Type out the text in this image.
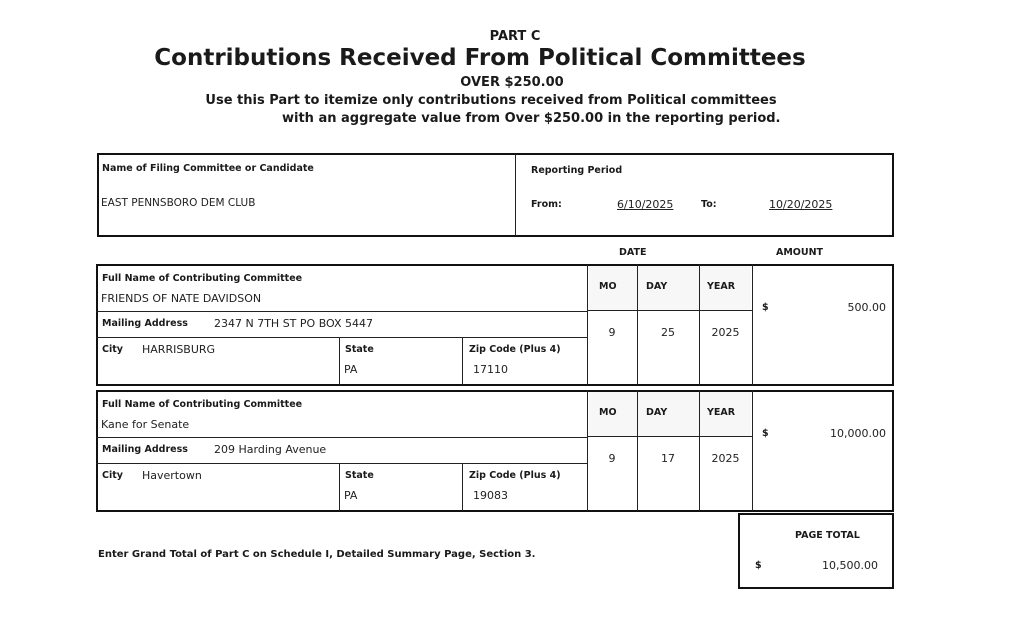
PART C
Contributions Received From Political Committees
OVER $250.00
Use this Part to itemize only contributions received from Political committees
with an aggregate value from Over $250.00 in the reporting period.
Name of Filing Committee or Candidate
EAST PENNSBORO DEM CLUB
Reporting Period
From:	6/10/2025	To:	10/20/2025
DATE	AMOUNT
Full Name of Contributing Committee
FRIENDS OF NATE DAVIDSON
Mailing Address 2347 N 7TH ST PO BOX 5447
City HARRISBURG	State
PA
Zip Code (Plus 4)
17110
MO	DAY	YEAR
9	25	2025
$	500.00
Full Name of Contributing Committee
Kane for Senate
Mailing Address 209 Harding Avenue
City Havertown	State
PA
Zip Code (Plus 4)
19083
MO	DAY	YEAR
9	17	2025
$	10,000.00
Enter Grand Total of Part C on Schedule I, Detailed Summary Page, Section 3.
PAGE TOTAL
$	10,500.00
